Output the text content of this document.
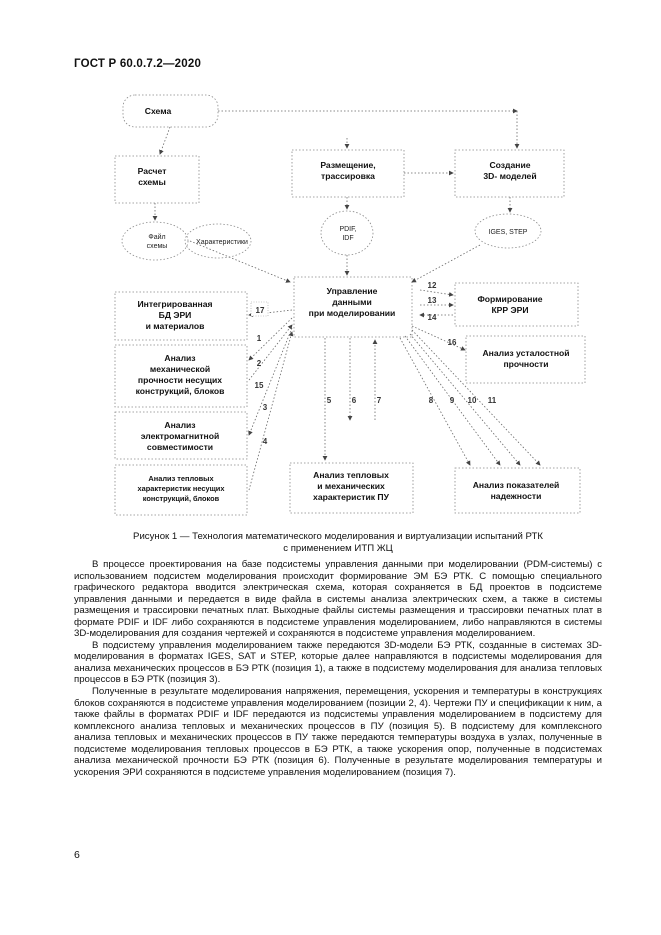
ГОСТ Р 60.0.7.2—2020
Схема
Расчет схемы
Размещение, трассировка
Создание 3D- моделей
Управление данными при моделировании
Интегрированная БД ЭРИ и материалов
Анализ механической прочности несущих конструкций, блоков
Анализ электромагнитной совместимости
Формирование КРР ЭРИ
Анализ усталостной прочности
Анализ тепловых и механических характеристик ПУ
Анализ показателей надежности
Анализ тепловых характеристик несущих конструкций, блоков
Файл схемы
Характеристики
PDIF, IDF
IGES, STEP
1
2
3
4
5	6	7	8 9 10 11
12
13
14
15
16
17
Рисунок 1 — Технология математического моделирования и виртуализации испытаний РТК
с применением ИТП ЖЦ

В процессе проектирования на базе подсистемы управления данными при моделировании (PDM-системы) с использованием подсистем моделирования происходит формирование ЭМ БЭ РТК. С помощью специального графического редактора вводится электрическая схема, которая сохраняется в БД проектов в подсистеме управления данными и передается в виде файла в системы анализа электрических схем, а также в системы размещения и трассировки печатных плат. Выходные файлы системы размещения и трассировки печатных плат в формате PDIF и IDF либо сохраняются в подсистеме управления моделированием, либо направляются в системы 3D-моделирования для создания чертежей и сохраняются в подсистеме управления моделированием.

В подсистему управления моделированием также передаются 3D-модели БЭ РТК, созданные в системах 3D-моделирования в форматах IGES, SAT и STEP, которые далее направляются в подсистемы моделирования для анализа механических процессов в БЭ РТК (позиция 1), а также в подсистему моделирования для анализа тепловых процессов в БЭ РТК (позиция 3).

Полученные в результате моделирования напряжения, перемещения, ускорения и температуры в конструкциях блоков сохраняются в подсистеме управления моделированием (позиции 2, 4). Чертежи ПУ и спецификации к ним, а также файлы в форматах PDIF и IDF передаются из подсистемы управления моделированием в подсистему для комплексного анализа тепловых и механических процессов в ПУ (позиция 5). В подсистему для комплексного анализа тепловых и механических процессов в ПУ также передаются температуры воздуха в узлах, полученные в подсистеме моделирования тепловых процессов в БЭ РТК, а также ускорения опор, полученные в подсистемах анализа механической прочности БЭ РТК (позиция 6). Полученные в результате моделирования температуры и ускорения ЭРИ сохраняются в подсистеме управления моделированием (позиция 7).

6
